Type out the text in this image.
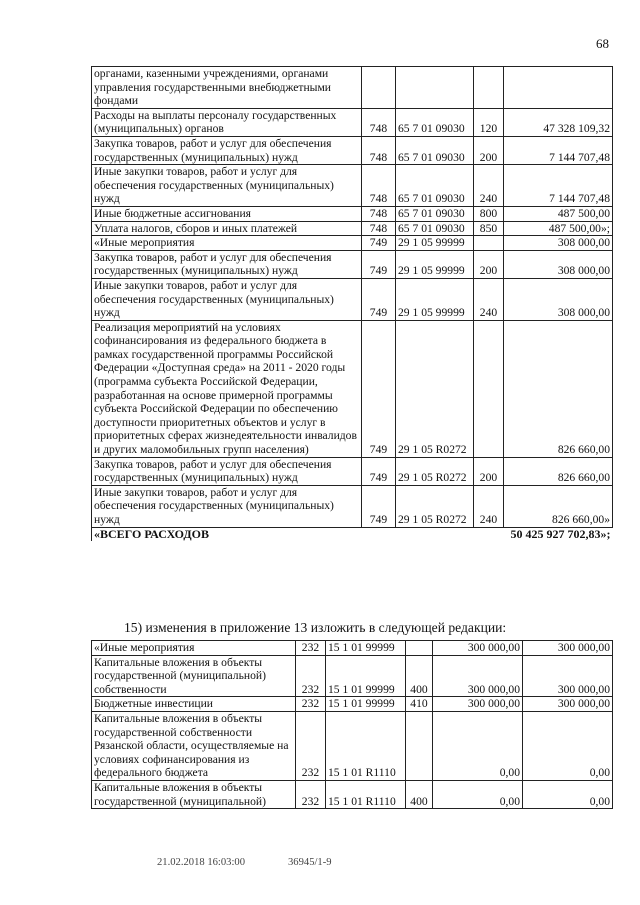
68
органами, казенными учреждениями, органами управления государственными внебюджетными фондами				
Расходы на выплаты персоналу государственных (муниципальных) органов	748	65 7 01 09030	120	47 328 109,32
Закупка товаров, работ и услуг для обеспечения государственных (муниципальных) нужд	748	65 7 01 09030	200	7 144 707,48
Иные закупки товаров, работ и услуг для обеспечения государственных (муниципальных) нужд	748	65 7 01 09030	240	7 144 707,48
Иные бюджетные ассигнования	748	65 7 01 09030	800	487 500,00
Уплата налогов, сборов и иных платежей	748	65 7 01 09030	850	487 500,00»;
«Иные мероприятия	749	29 1 05 99999		308 000,00
Закупка товаров, работ и услуг для обеспечения государственных (муниципальных) нужд	749	29 1 05 99999	200	308 000,00
Иные закупки товаров, работ и услуг для обеспечения государственных (муниципальных) нужд	749	29 1 05 99999	240	308 000,00
Реализация мероприятий на условиях софинансирования из федерального бюджета в рамках государственной программы Российской Федерации «Доступная среда» на 2011 - 2020 годы (программа субъекта Российской Федерации, разработанная на основе примерной программы субъекта Российской Федерации по обеспечению доступности приоритетных объектов и услуг в приоритетных сферах жизнедеятельности инвалидов и других маломобильных групп населения)	749	29 1 05 R0272		826 660,00
Закупка товаров, работ и услуг для обеспечения государственных (муниципальных) нужд	749	29 1 05 R0272	200	826 660,00
Иные закупки товаров, работ и услуг для обеспечения государственных (муниципальных) нужд	749	29 1 05 R0272	240	826 660,00»
«ВСЕГО РАСХОДОВ				50 425 927 702,83»;
15) изменения в приложение 13 изложить в следующей редакции:
«Иные мероприятия	232	15 1 01 99999		300 000,00	300 000,00
Капитальные вложения в объекты государственной (муниципальной) собственности	232	15 1 01 99999	400	300 000,00	300 000,00
Бюджетные инвестиции	232	15 1 01 99999	410	300 000,00	300 000,00
Капитальные вложения в объекты государственной собственности Рязанской области, осуществляемые на условиях софинансирования из федерального бюджета	232	15 1 01 R1110		0,00	0,00
Капитальные вложения в объекты государственной (муниципальной)	232	15 1 01 R1110	400	0,00	0,00
21.02.2018 16:03:00	36945/1-9
